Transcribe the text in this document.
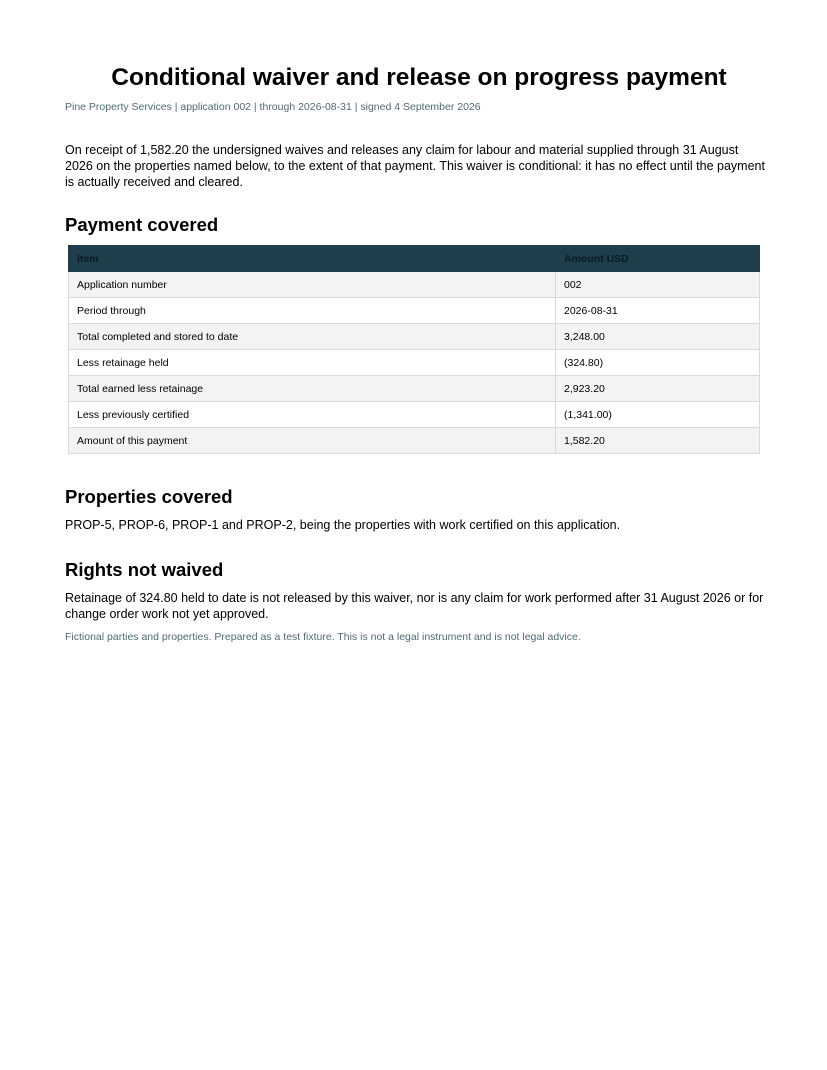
Conditional waiver and release on progress payment

Pine Property Services | application 002 | through 2026-08-31 | signed 4 September 2026

On receipt of 1,582.20 the undersigned waives and releases any claim for labour and material supplied through 31 August 2026 on the properties named below, to the extent of that payment. This waiver is conditional: it has no effect until the payment is actually received and cleared.

Payment covered
Item	Amount USD
Application number	002
Period through	2026-08-31
Total completed and stored to date	3,248.00
Less retainage held	(324.80)
Total earned less retainage	2,923.20
Less previously certified	(1,341.00)
Amount of this payment	1,582.20
Properties covered

PROP-5, PROP-6, PROP-1 and PROP-2, being the properties with work certified on this application.

Rights not waived

Retainage of 324.80 held to date is not released by this waiver, nor is any claim for work performed after 31 August 2026 or for change order work not yet approved.

Fictional parties and properties. Prepared as a test fixture. This is not a legal instrument and is not legal advice.
